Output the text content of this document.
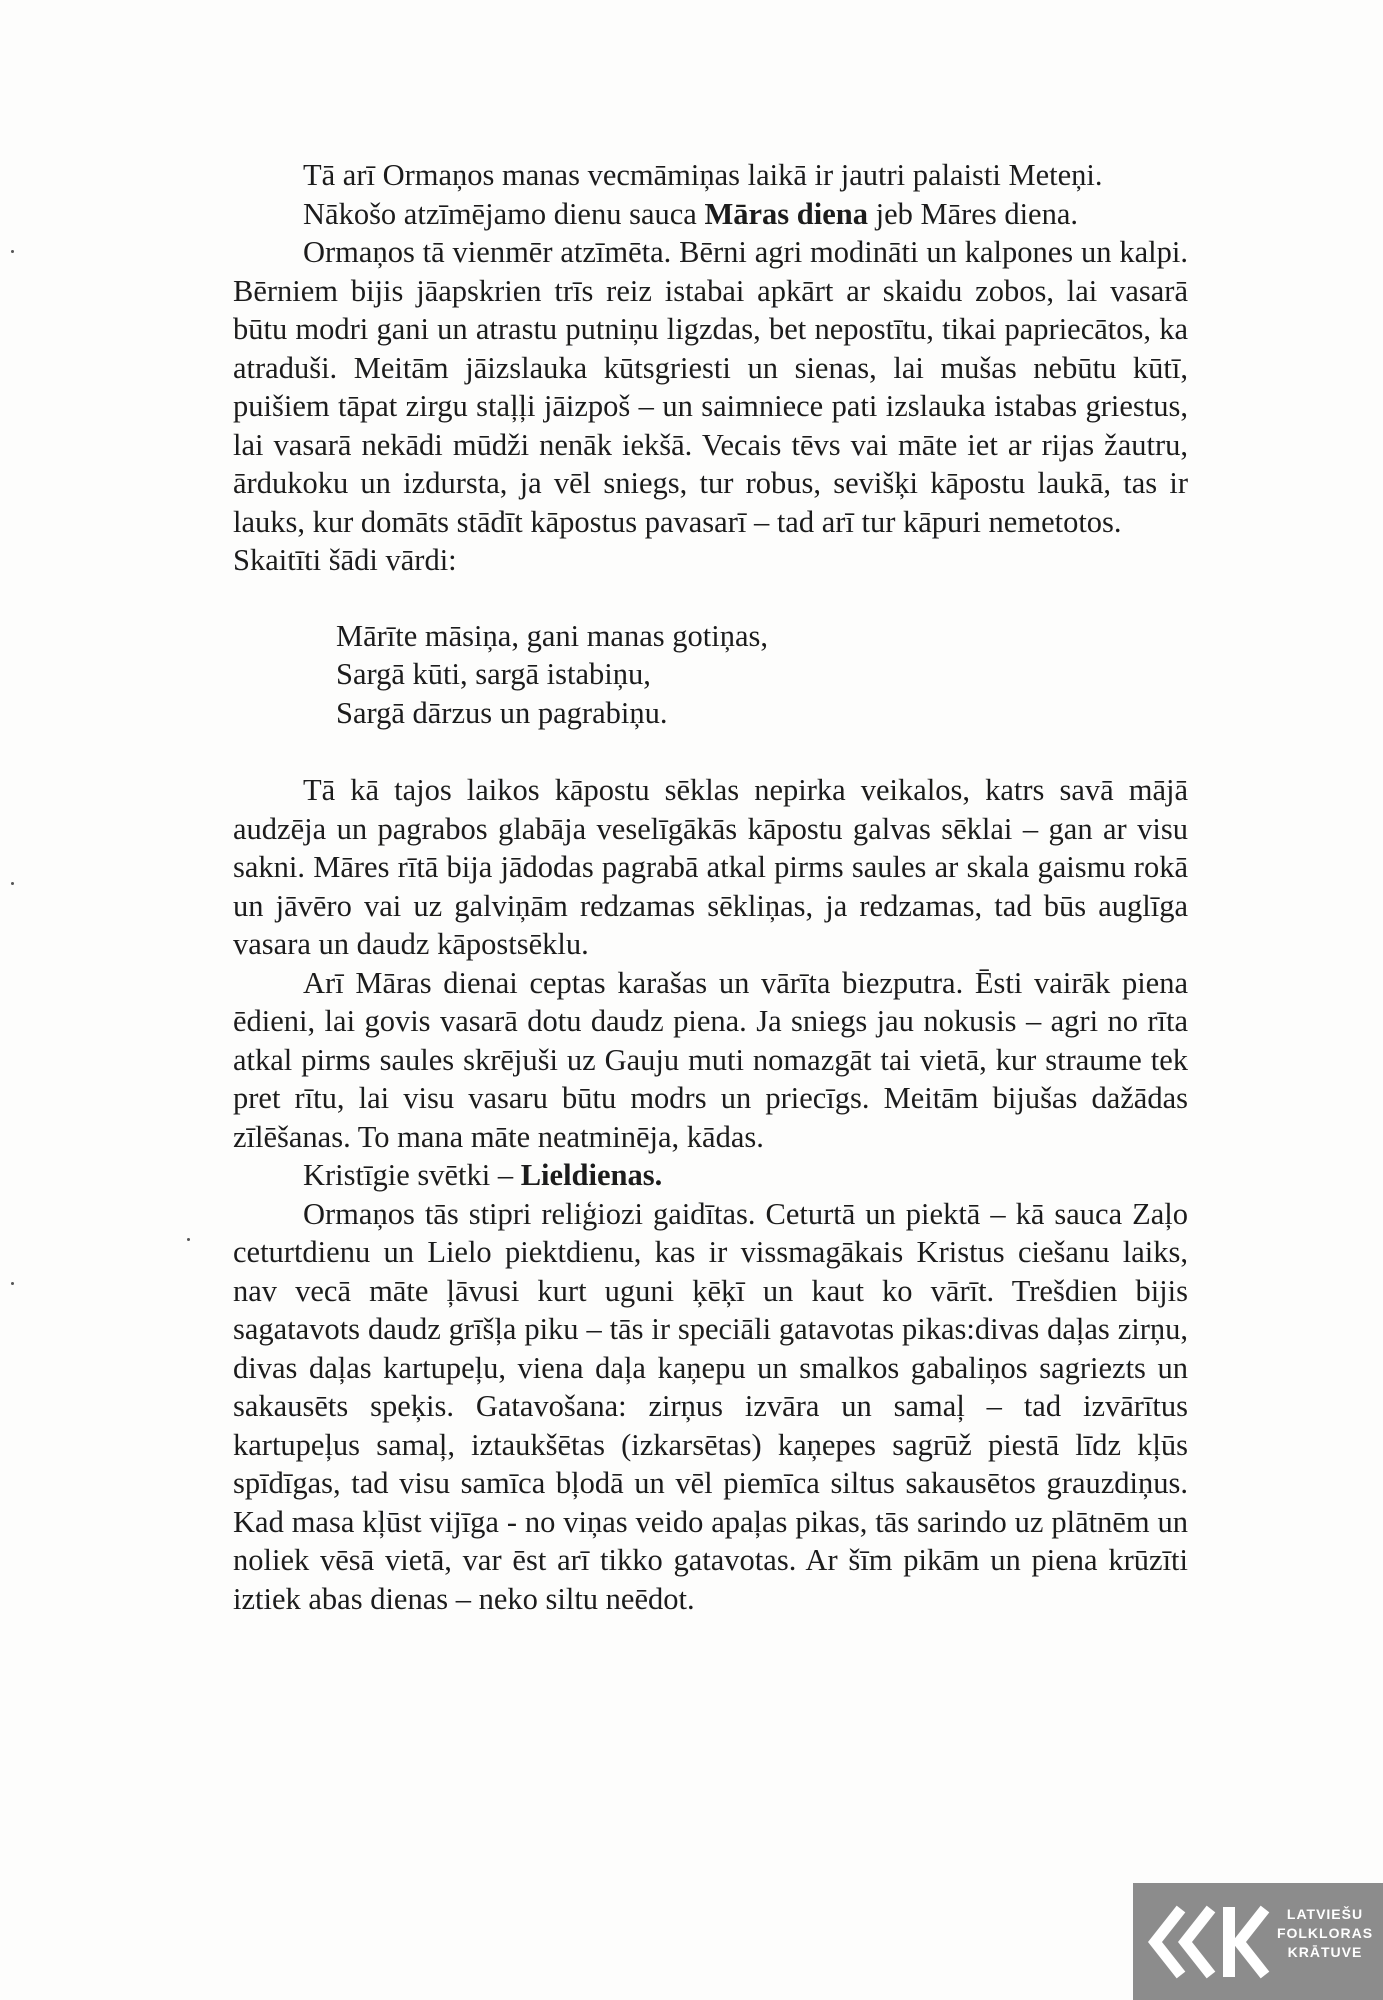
Tā arī Ormaņos manas vecmāmiņas laikā ir jautri palaisti Meteņi.

Nākošo atzīmējamo dienu sauca Māras diena jeb Māres diena.

Ormaņos tā vienmēr atzīmēta. Bērni agri modināti un kalpones un kalpi. Bērniem bijis jāapskrien trīs reiz istabai apkārt ar skaidu zobos, lai vasarā būtu modri gani un atrastu putniņu ligzdas, bet nepostītu, tikai papriecātos, ka atraduši. Meitām jāizslauka kūtsgriesti un sienas, lai mušas nebūtu kūtī, puišiem tāpat zirgu staļļi jāizpoš – un saimniece pati izslauka istabas griestus, lai vasarā nekādi mūdži nenāk iekšā. Vecais tēvs vai māte iet ar rijas žautru, ārdukoku un izdursta, ja vēl sniegs, tur robus, sevišķi kāpostu laukā, tas ir lauks, kur domāts stādīt kāpostus pavasarī – tad arī tur kāpuri nemetotos.

Skaitīti šādi vārdi:

Mārīte māsiņa, gani manas gotiņas,
Sargā kūti, sargā istabiņu,
Sargā dārzus un pagrabiņu.

Tā kā tajos laikos kāpostu sēklas nepirka veikalos, katrs savā mājā audzēja un pagrabos glabāja veselīgākās kāpostu galvas sēklai – gan ar visu sakni. Māres rītā bija jādodas pagrabā atkal pirms saules ar skala gaismu rokā un jāvēro vai uz galviņām redzamas sēkliņas, ja redzamas, tad būs auglīga vasara un daudz kāpostsēklu.

Arī Māras dienai ceptas karašas un vārīta biezputra. Ēsti vairāk piena ēdieni, lai govis vasarā dotu daudz piena. Ja sniegs jau nokusis – agri no rīta atkal pirms saules skrējuši uz Gauju muti nomazgāt tai vietā, kur straume tek pret rītu, lai visu vasaru būtu modrs un priecīgs. Meitām bijušas dažādas zīlēšanas. To mana māte neatminēja, kādas.

Kristīgie svētki – Lieldienas.

Ormaņos tās stipri reliģiozi gaidītas. Ceturtā un piektā – kā sauca Zaļo ceturtdienu un Lielo piektdienu, kas ir vissmagākais Kristus ciešanu laiks, nav vecā māte ļāvusi kurt uguni ķēķī un kaut ko vārīt. Trešdien bijis sagatavots daudz grīšļa piku – tās ir speciāli gatavotas pikas:divas daļas zirņu, divas daļas kartupeļu, viena daļa kaņepu un smalkos gabaliņos sagriezts un sakausēts speķis. Gatavošana: zirņus izvāra un samaļ – tad izvārītus kartupeļus samaļ, iztaukšētas (izkarsētas) kaņepes sagrūž piestā līdz kļūs spīdīgas, tad visu samīca bļodā un vēl piemīca siltus sakausētos grauzdiņus. Kad masa kļūst vijīga - no viņas veido apaļas pikas, tās sarindo uz plātnēm un noliek vēsā vietā, var ēst arī tikko gatavotas. Ar šīm pikām un piena krūzīti iztiek abas dienas – neko siltu neēdot.

LATVIEŠU
FOLKLORAS
KRĀTUVE
